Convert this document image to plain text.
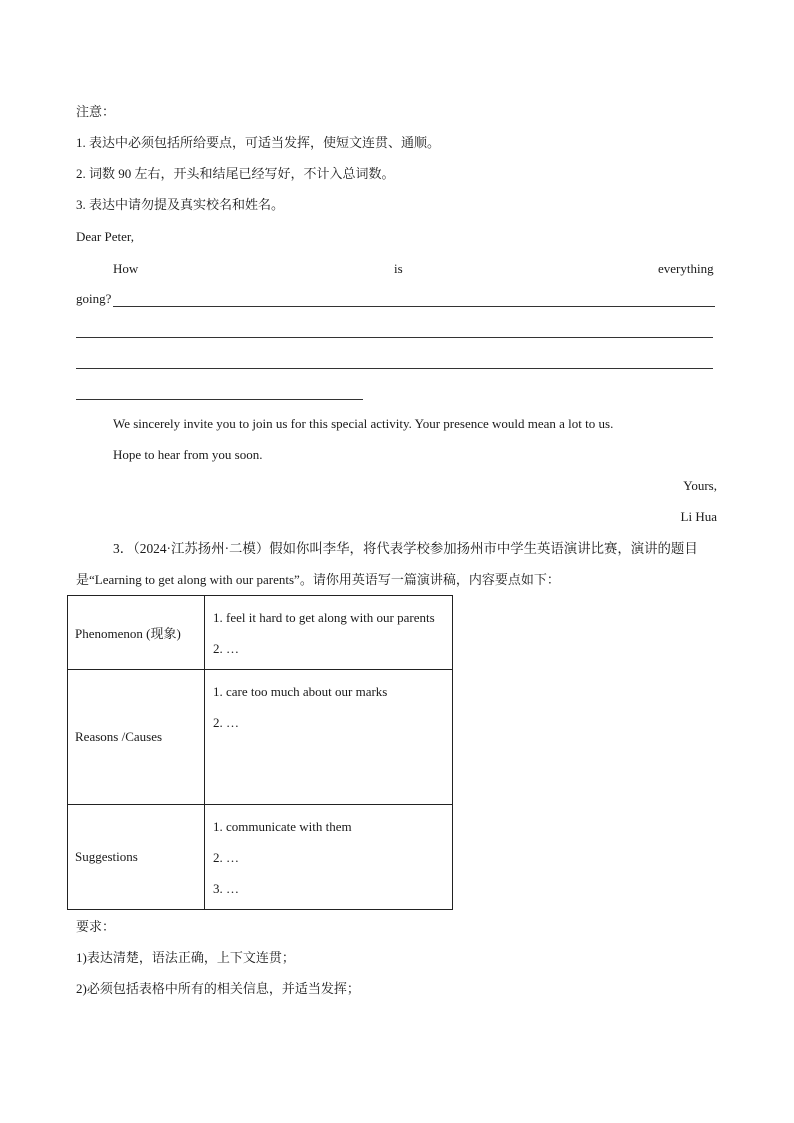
注意：
1. 表达中必须包括所给要点，可适当发挥，使短文连贯、通顺。
2. 词数 90 左右，开头和结尾已经写好，不计入总词数。
3. 表达中请勿提及真实校名和姓名。
Dear Peter,
How	is	everything
going?
We sincerely invite you to join us for this special activity. Your presence would mean a lot to us.
Hope to hear from you soon.
Yours,
Li Hua
3．（2024·江苏扬州·二模）假如你叫李华，将代表学校参加扬州市中学生英语演讲比赛，演讲的题目
是“Learning to get along with our parents”。请你用英语写一篇演讲稿，内容要点如下：
Phenomenon (现象)	1. feel it hard to get along with our parents
2. …

Reasons /Causes	1. care too much about our marks
2. …

Suggestions	1. communicate with them
2. …
3. …
要求：
1)表达清楚，语法正确，上下文连贯；
2)必须包括表格中所有的相关信息，并适当发挥；
